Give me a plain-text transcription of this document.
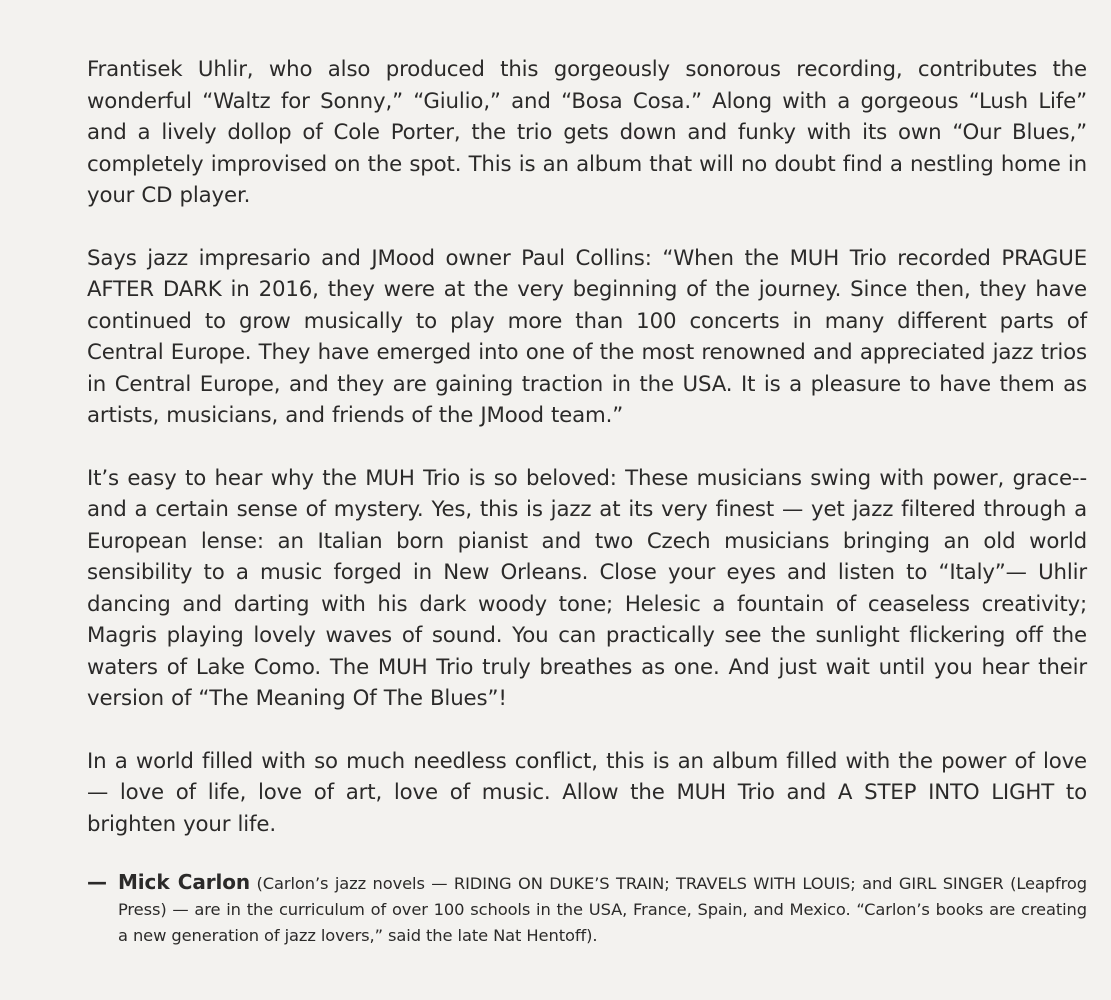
Frantisek Uhlir, who also produced this gorgeously sonorous recording, contributes the wonderful “Waltz for Sonny,” “Giulio,” and “Bosa Cosa.” Along with a gorgeous “Lush Life” and a lively dollop of Cole Porter, the trio gets down and funky with its own “Our Blues,” completely improvised on the spot. This is an album that will no doubt find a nestling home in your CD player.

Says jazz impresario and JMood owner Paul Collins: “When the MUH Trio recorded PRAGUE AFTER DARK in 2016, they were at the very beginning of the journey. Since then, they have continued to grow musically to play more than 100 concerts in many different parts of Central Europe. They have emerged into one of the most renowned and appreciated jazz trios in Central Europe, and they are gaining traction in the USA. It is a pleasure to have them as artists, musicians, and friends of the JMood team.”

It’s easy to hear why the MUH Trio is so beloved: These musicians swing with power, grace--and a certain sense of mystery. Yes, this is jazz at its very finest — yet jazz filtered through a European lense: an Italian born pianist and two Czech musicians bringing an old world sensibility to a music forged in New Orleans. Close your eyes and listen to “Italy”— Uhlir dancing and darting with his dark woody tone; Helesic a fountain of ceaseless creativity; Magris playing lovely waves of sound. You can practically see the sunlight flickering off the waters of Lake Como. The MUH Trio truly breathes as one. And just wait until you hear their version of “The Meaning Of The Blues”!

In a world filled with so much needless conflict, this is an album filled with the power of love — love of life, love of art, love of music. Allow the MUH Trio and A STEP INTO LIGHT to brighten your life.

— Mick Carlon (Carlon’s jazz novels — RIDING ON DUKE’S TRAIN; TRAVELS WITH LOUIS; and GIRL SINGER (Leapfrog Press) — are in the curriculum of over 100 schools in the USA, France, Spain, and Mexico. “Carlon’s books are creating a new generation of jazz lovers,” said the late Nat Hentoff).
